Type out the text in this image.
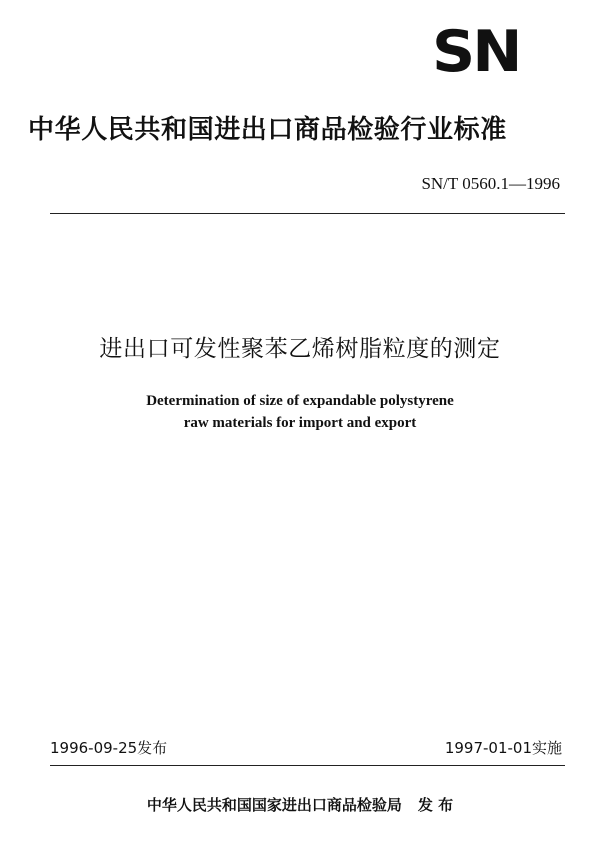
SN
中华人民共和国进出口商品检验行业标准
SN/T 0560.1—1996
进出口可发性聚苯乙烯树脂粒度的测定
Determination of size of expandable polystyrene
raw materials for import and export
1996-09-25发布	1997-01-01实施
中华人民共和国国家进出口商品检验局 发 布
